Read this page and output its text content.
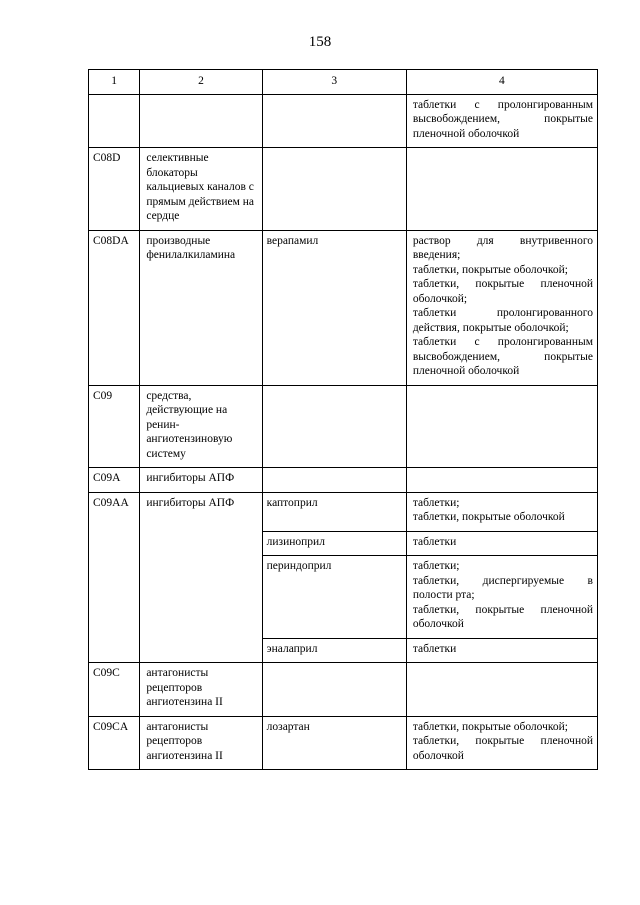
158
1	2	3	4

			таблетки с пролонгированным высвобождением, покрытые пленочной оболочкой

C08D	селективные блокаторы кальциевых каналов с прямым действием на сердце		
C08DA	производные фенилалкиламина	верапамил	раствор для внутривенного введения;
таблетки, покрытые оболочкой;
таблетки, покрытые пленочной оболочкой;
таблетки пролонгированного действия, покрытые оболочкой;
таблетки с пролонгированным высвобождением, покрытые пленочной оболочкой

C09	средства, действующие на ренин-ангиотензиновую систему		
C09A	ингибиторы АПФ		
C09AA	ингибиторы АПФ	каптоприл	таблетки;
таблетки, покрытые оболочкой

		лизиноприл	таблетки

		периндоприл	таблетки;
таблетки, диспергируемые в полости рта;
таблетки, покрытые пленочной оболочкой

		эналаприл	таблетки

C09C	антагонисты рецепторов ангиотензина II		
C09CA	антагонисты рецепторов ангиотензина II	лозартан	таблетки, покрытые оболочкой;
таблетки, покрытые пленочной оболочкой
